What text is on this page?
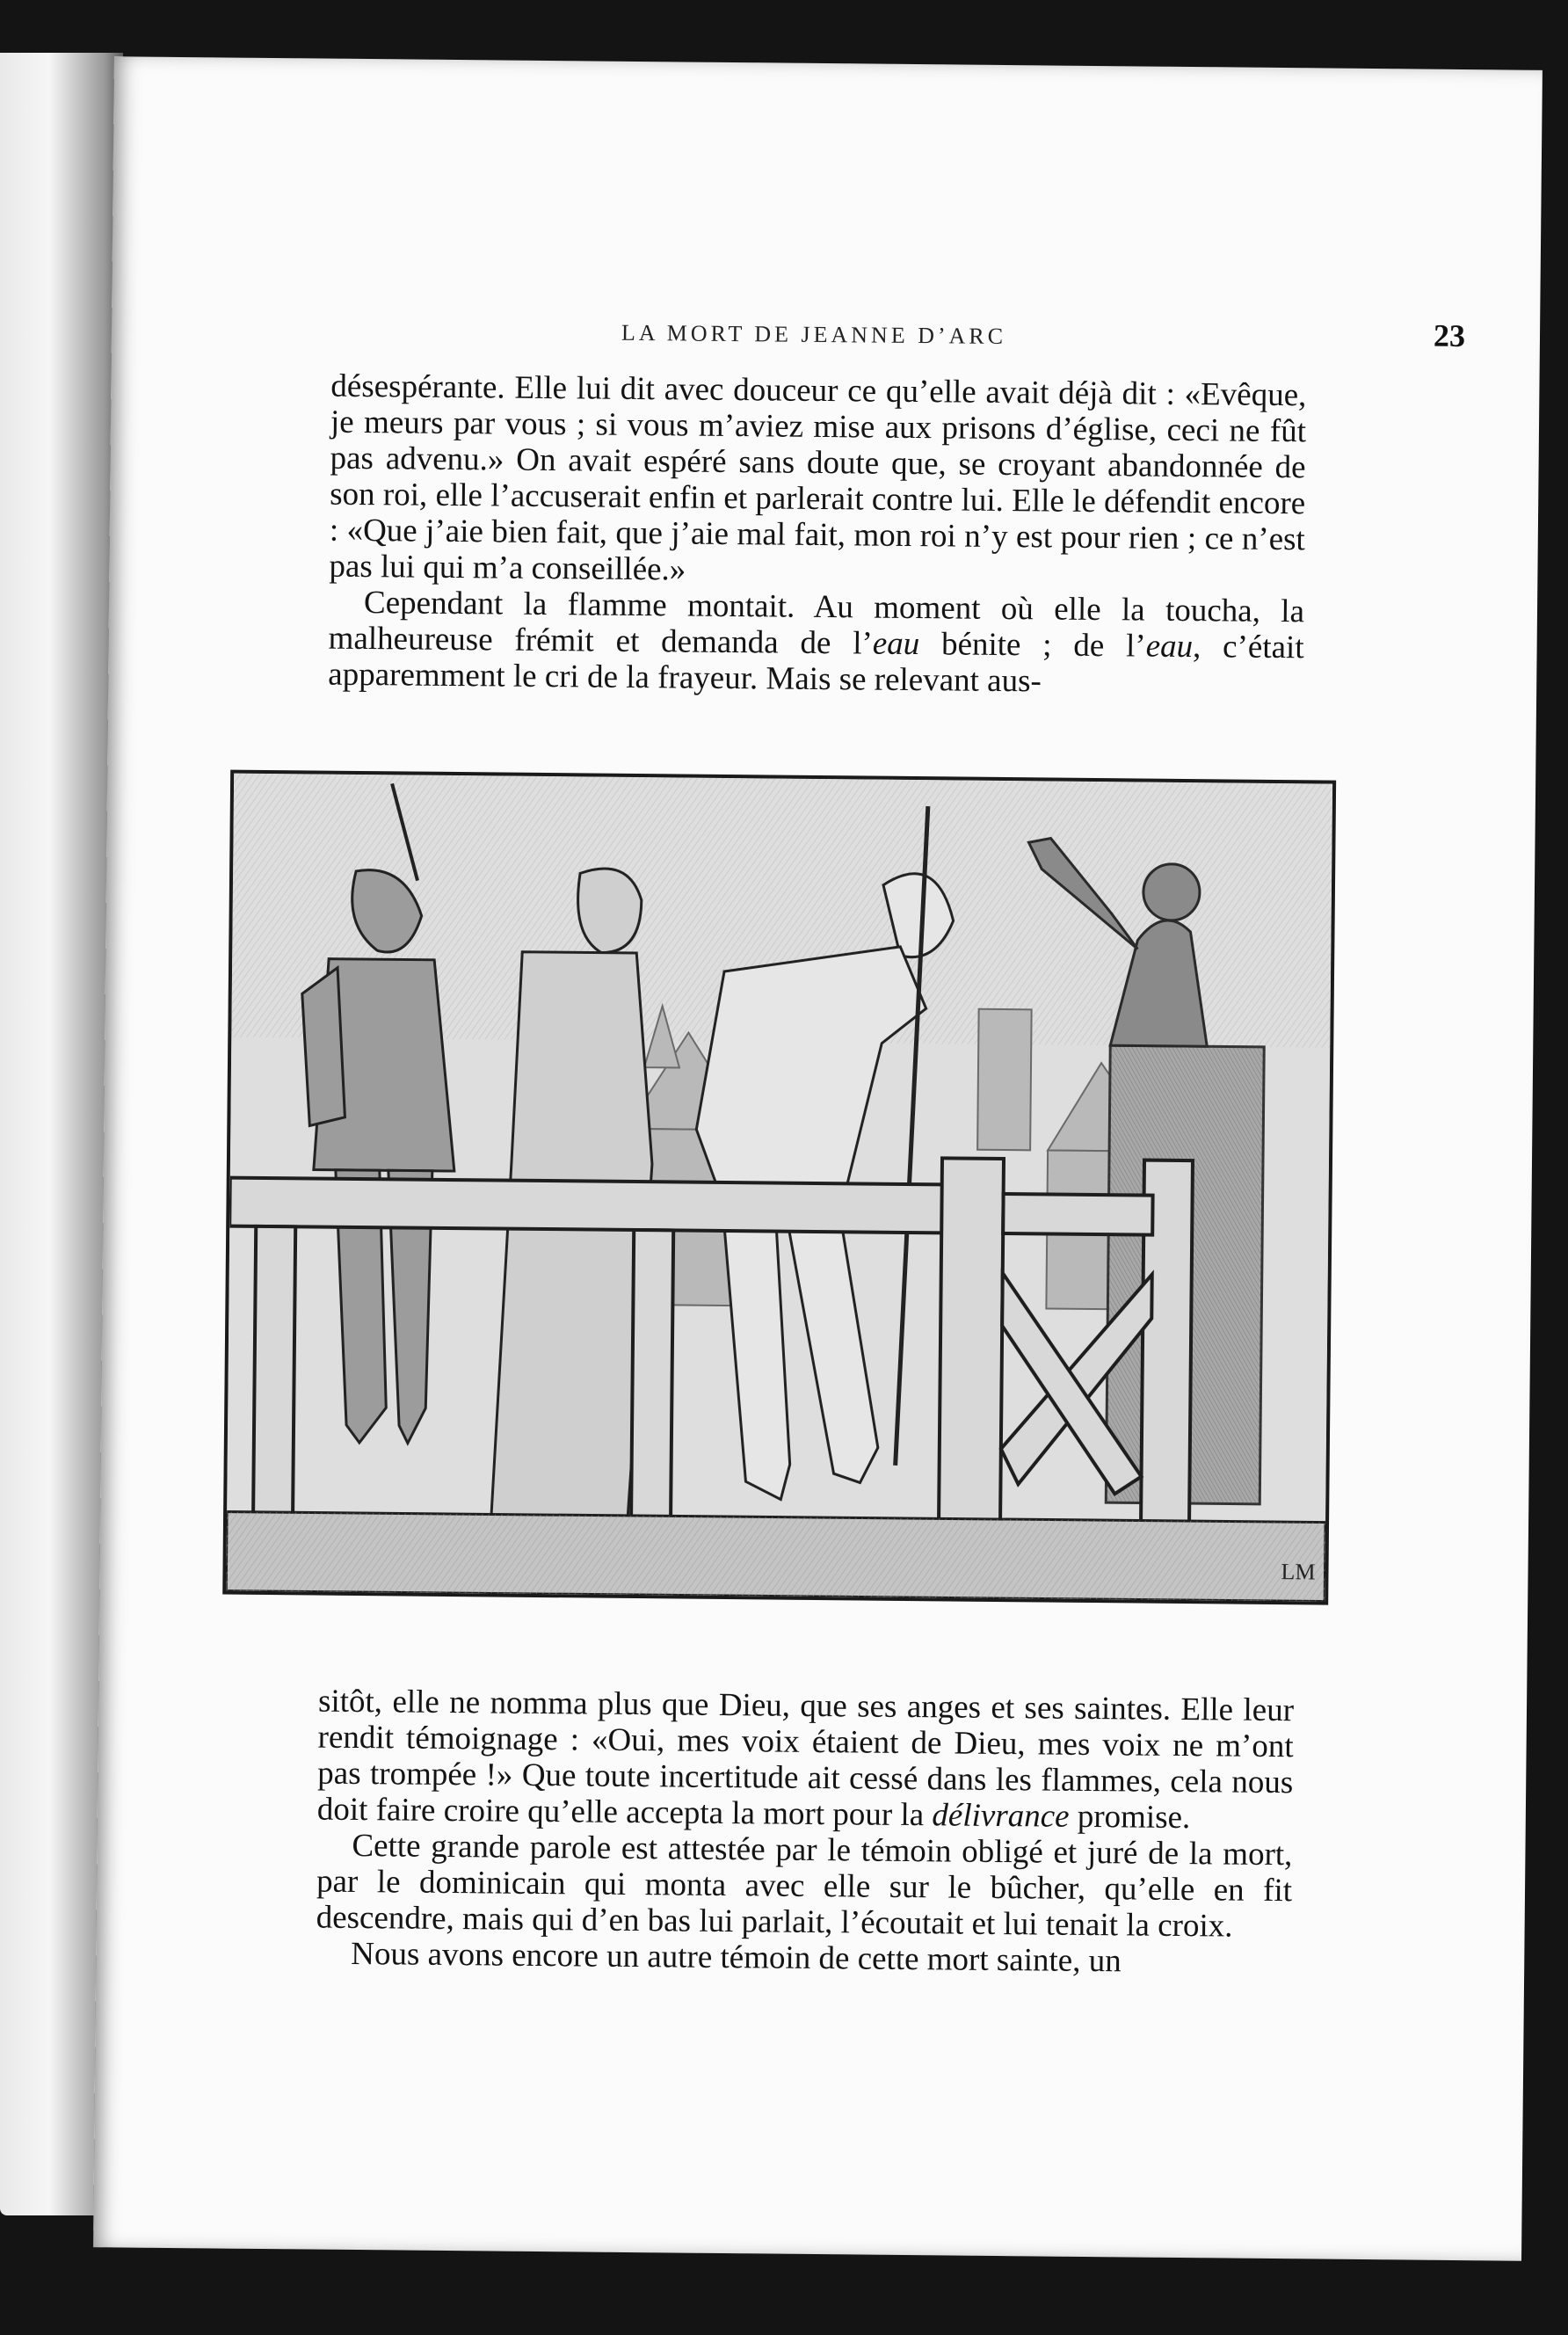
LA MORT DE JEANNE D’ARC	23

désespérante. Elle lui dit avec douceur ce qu’elle avait déjà dit : «Evêque, je meurs par vous ; si vous m’aviez mise aux prisons d’église, ceci ne fût pas advenu.» On avait espéré sans doute que, se croyant abandonnée de son roi, elle l’accuserait enfin et parlerait contre lui. Elle le défendit encore : «Que j’aie bien fait, que j’aie mal fait, mon roi n’y est pour rien ; ce n’est pas lui qui m’a conseillée.»

Cependant la flamme montait. Au moment où elle la toucha, la malheureuse frémit et demanda de l’eau bénite ; de l’eau, c’était apparemment le cri de la frayeur. Mais se relevant aus-

LM

sitôt, elle ne nomma plus que Dieu, que ses anges et ses saintes. Elle leur rendit témoignage : «Oui, mes voix étaient de Dieu, mes voix ne m’ont pas trompée !» Que toute incertitude ait cessé dans les flammes, cela nous doit faire croire qu’elle accepta la mort pour la délivrance promise.

Cette grande parole est attestée par le témoin obligé et juré de la mort, par le dominicain qui monta avec elle sur le bûcher, qu’elle en fit descendre, mais qui d’en bas lui parlait, l’écoutait et lui tenait la croix.

Nous avons encore un autre témoin de cette mort sainte, un
